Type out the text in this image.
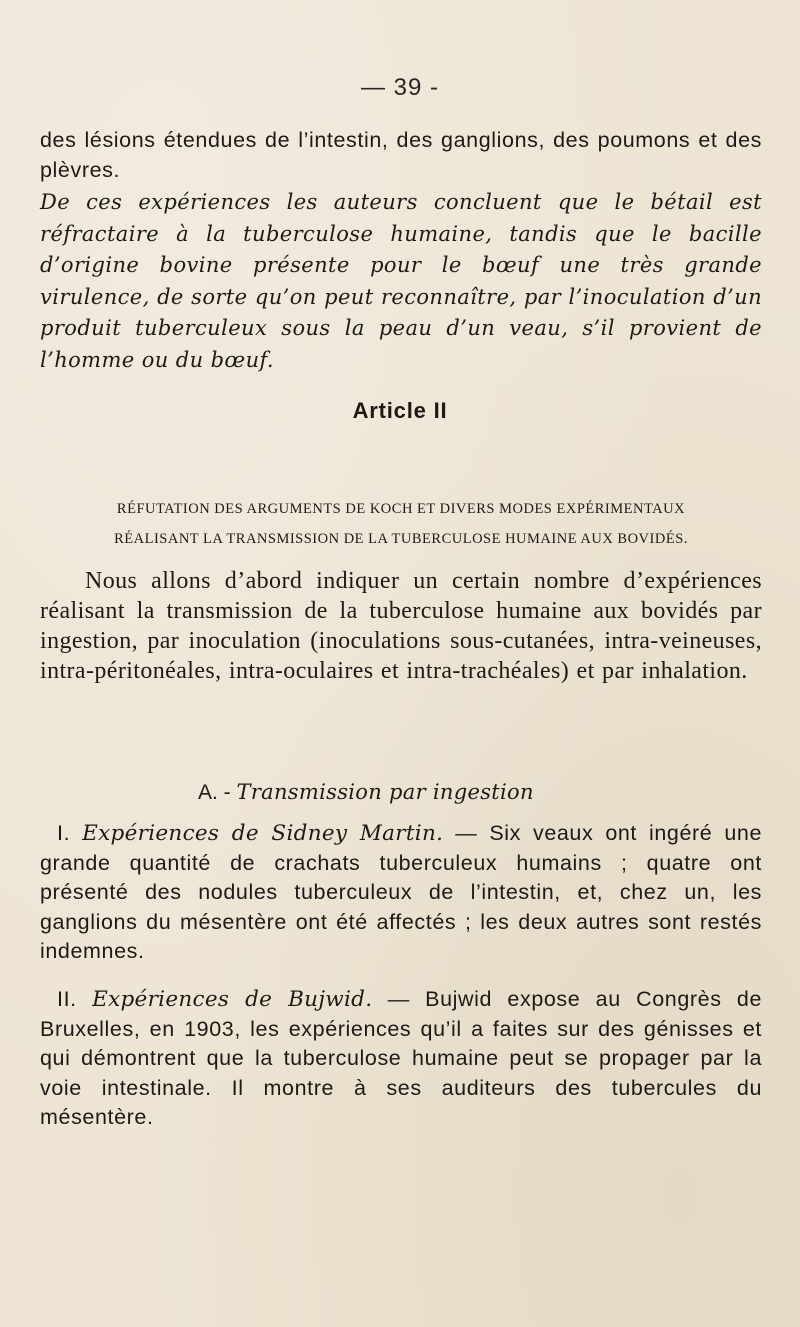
— 39 -

des lésions étendues de l’intestin, des ganglions, des poumons et des plèvres.

De ces expériences les auteurs concluent que le bétail est réfractaire à la tuberculose humaine, tandis que le bacille d’origine bovine présente pour le bœuf une très grande virulence, de sorte qu’on peut reconnaître, par l’inoculation d’un produit tuberculeux sous la peau d’un veau, s’il provient de l’homme ou du bœuf.

Article II
RÉFUTATION DES ARGUMENTS DE KOCH ET DIVERS MODES EXPÉRIMENTAUX
RÉALISANT LA TRANSMISSION DE LA TUBERCULOSE HUMAINE AUX BOVIDÉS.

Nous allons d’abord indiquer un certain nombre d’expériences réalisant la transmission de la tuberculose humaine aux bovidés par ingestion, par inoculation (inoculations sous-cutanées, intra-veineuses, intra-péritonéales, intra-oculaires et intra-trachéales) et par inhalation.

A. - Transmission par ingestion

I. Expériences de Sidney Martin. — Six veaux ont ingéré une grande quantité de crachats tuberculeux humains ; quatre ont présenté des nodules tuberculeux de l’intestin, et, chez un, les ganglions du mésentère ont été affectés ; les deux autres sont restés indemnes.

II. Expériences de Bujwid. — Bujwid expose au Congrès de Bruxelles, en 1903, les expériences qu’il a faites sur des génisses et qui démontrent que la tuberculose humaine peut se propager par la voie intestinale. Il montre à ses auditeurs des tubercules du mésentère.
